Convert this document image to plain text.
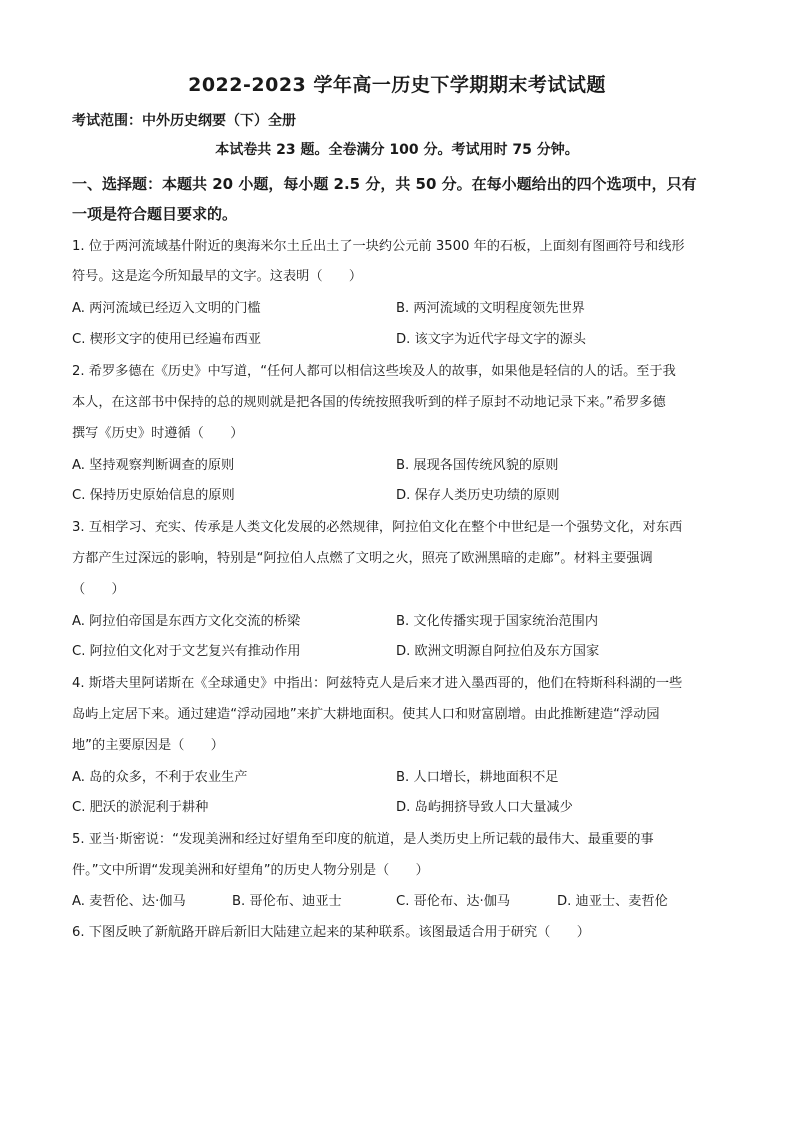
2022-2023 学年高一历史下学期期末考试试题
考试范围：中外历史纲要（下）全册
本试卷共 23 题。全卷满分 100 分。考试用时 75 分钟。
一、选择题：本题共 20 小题，每小题 2.5 分，共 50 分。在每小题给出的四个选项中，只有
一项是符合题目要求的。
1. 位于两河流域基什附近的奥海米尔土丘出土了一块约公元前 3500 年的石板，上面刻有图画符号和线形
符号。这是迄今所知最早的文字。这表明（　　）
A. 两河流域已经迈入文明的门槛	B. 两河流域的文明程度领先世界
C. 楔形文字的使用已经遍布西亚	D. 该文字为近代字母文字的源头
2. 希罗多德在《历史》中写道，“任何人都可以相信这些埃及人的故事，如果他是轻信的人的话。至于我
本人，在这部书中保持的总的规则就是把各国的传统按照我听到的样子原封不动地记录下来。”希罗多德
撰写《历史》时遵循（　　）
A. 坚持观察判断调查的原则	B. 展现各国传统风貌的原则
C. 保持历史原始信息的原则	D. 保存人类历史功绩的原则
3. 互相学习、充实、传承是人类文化发展的必然规律，阿拉伯文化在整个中世纪是一个强势文化，对东西
方都产生过深远的影响，特别是“阿拉伯人点燃了文明之火，照亮了欧洲黑暗的走廊”。材料主要强调
（　　）
A. 阿拉伯帝国是东西方文化交流的桥梁	B. 文化传播实现于国家统治范围内
C. 阿拉伯文化对于文艺复兴有推动作用	D. 欧洲文明源自阿拉伯及东方国家
4. 斯塔夫里阿诺斯在《全球通史》中指出：阿兹特克人是后来才进入墨西哥的，他们在特斯科科湖的一些
岛屿上定居下来。通过建造“浮动园地”来扩大耕地面积。使其人口和财富剧增。由此推断建造“浮动园
地”的主要原因是（　　）
A. 岛的众多，不利于农业生产	B. 人口增长，耕地面积不足
C. 肥沃的淤泥利于耕种	D. 岛屿拥挤导致人口大量减少
5. 亚当·斯密说：“发现美洲和经过好望角至印度的航道，是人类历史上所记载的最伟大、最重要的事
件。”文中所谓“发现美洲和好望角”的历史人物分别是（　　）
A. 麦哲伦、达·伽马	B. 哥伦布、迪亚士	C. 哥伦布、达·伽马	D. 迪亚士、麦哲伦
6. 下图反映了新航路开辟后新旧大陆建立起来的某种联系。该图最适合用于研究（　　）
